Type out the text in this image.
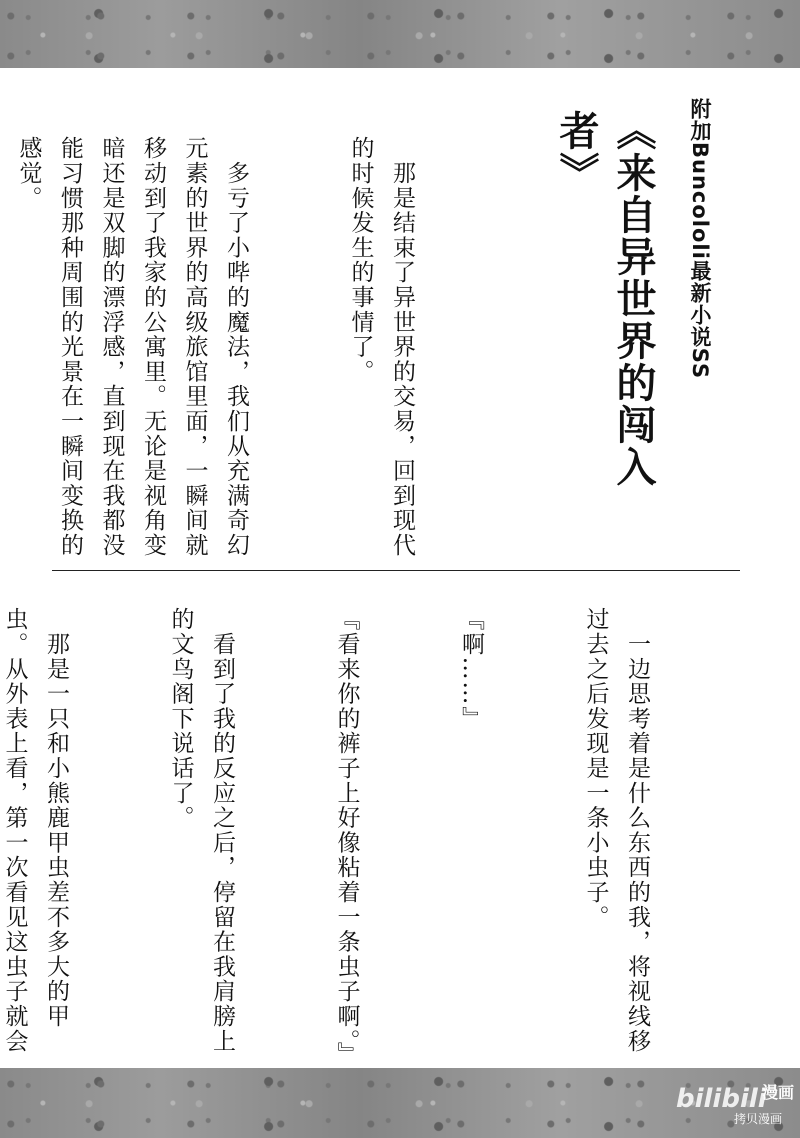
附加Buncololi最新小说SS
《来自异世界的闯入者》

　那是结束了异世界的交易，回到现代的时候发生的事情了。

　多亏了小哔的魔法，我们从充满奇幻元素的世界的高级旅馆里面，一瞬间就移动到了我家的公寓里。无论是视角变暗还是双脚的漂浮感，直到现在我都没能习惯那种周围的光景在一瞬间变换的感觉。

　一边思考着是什么东西的我，将视线移过去之后发现是一条小虫子。

『啊……』

『看来你的裤子上好像粘着一条虫子啊。』

　看到了我的反应之后，停留在我肩膀上的文鸟阁下说话了。

　那是一只和小熊鹿甲虫差不多大的甲虫。从外表上看，第一次看见这虫子就会

bilibili
漫画
拷贝漫画
